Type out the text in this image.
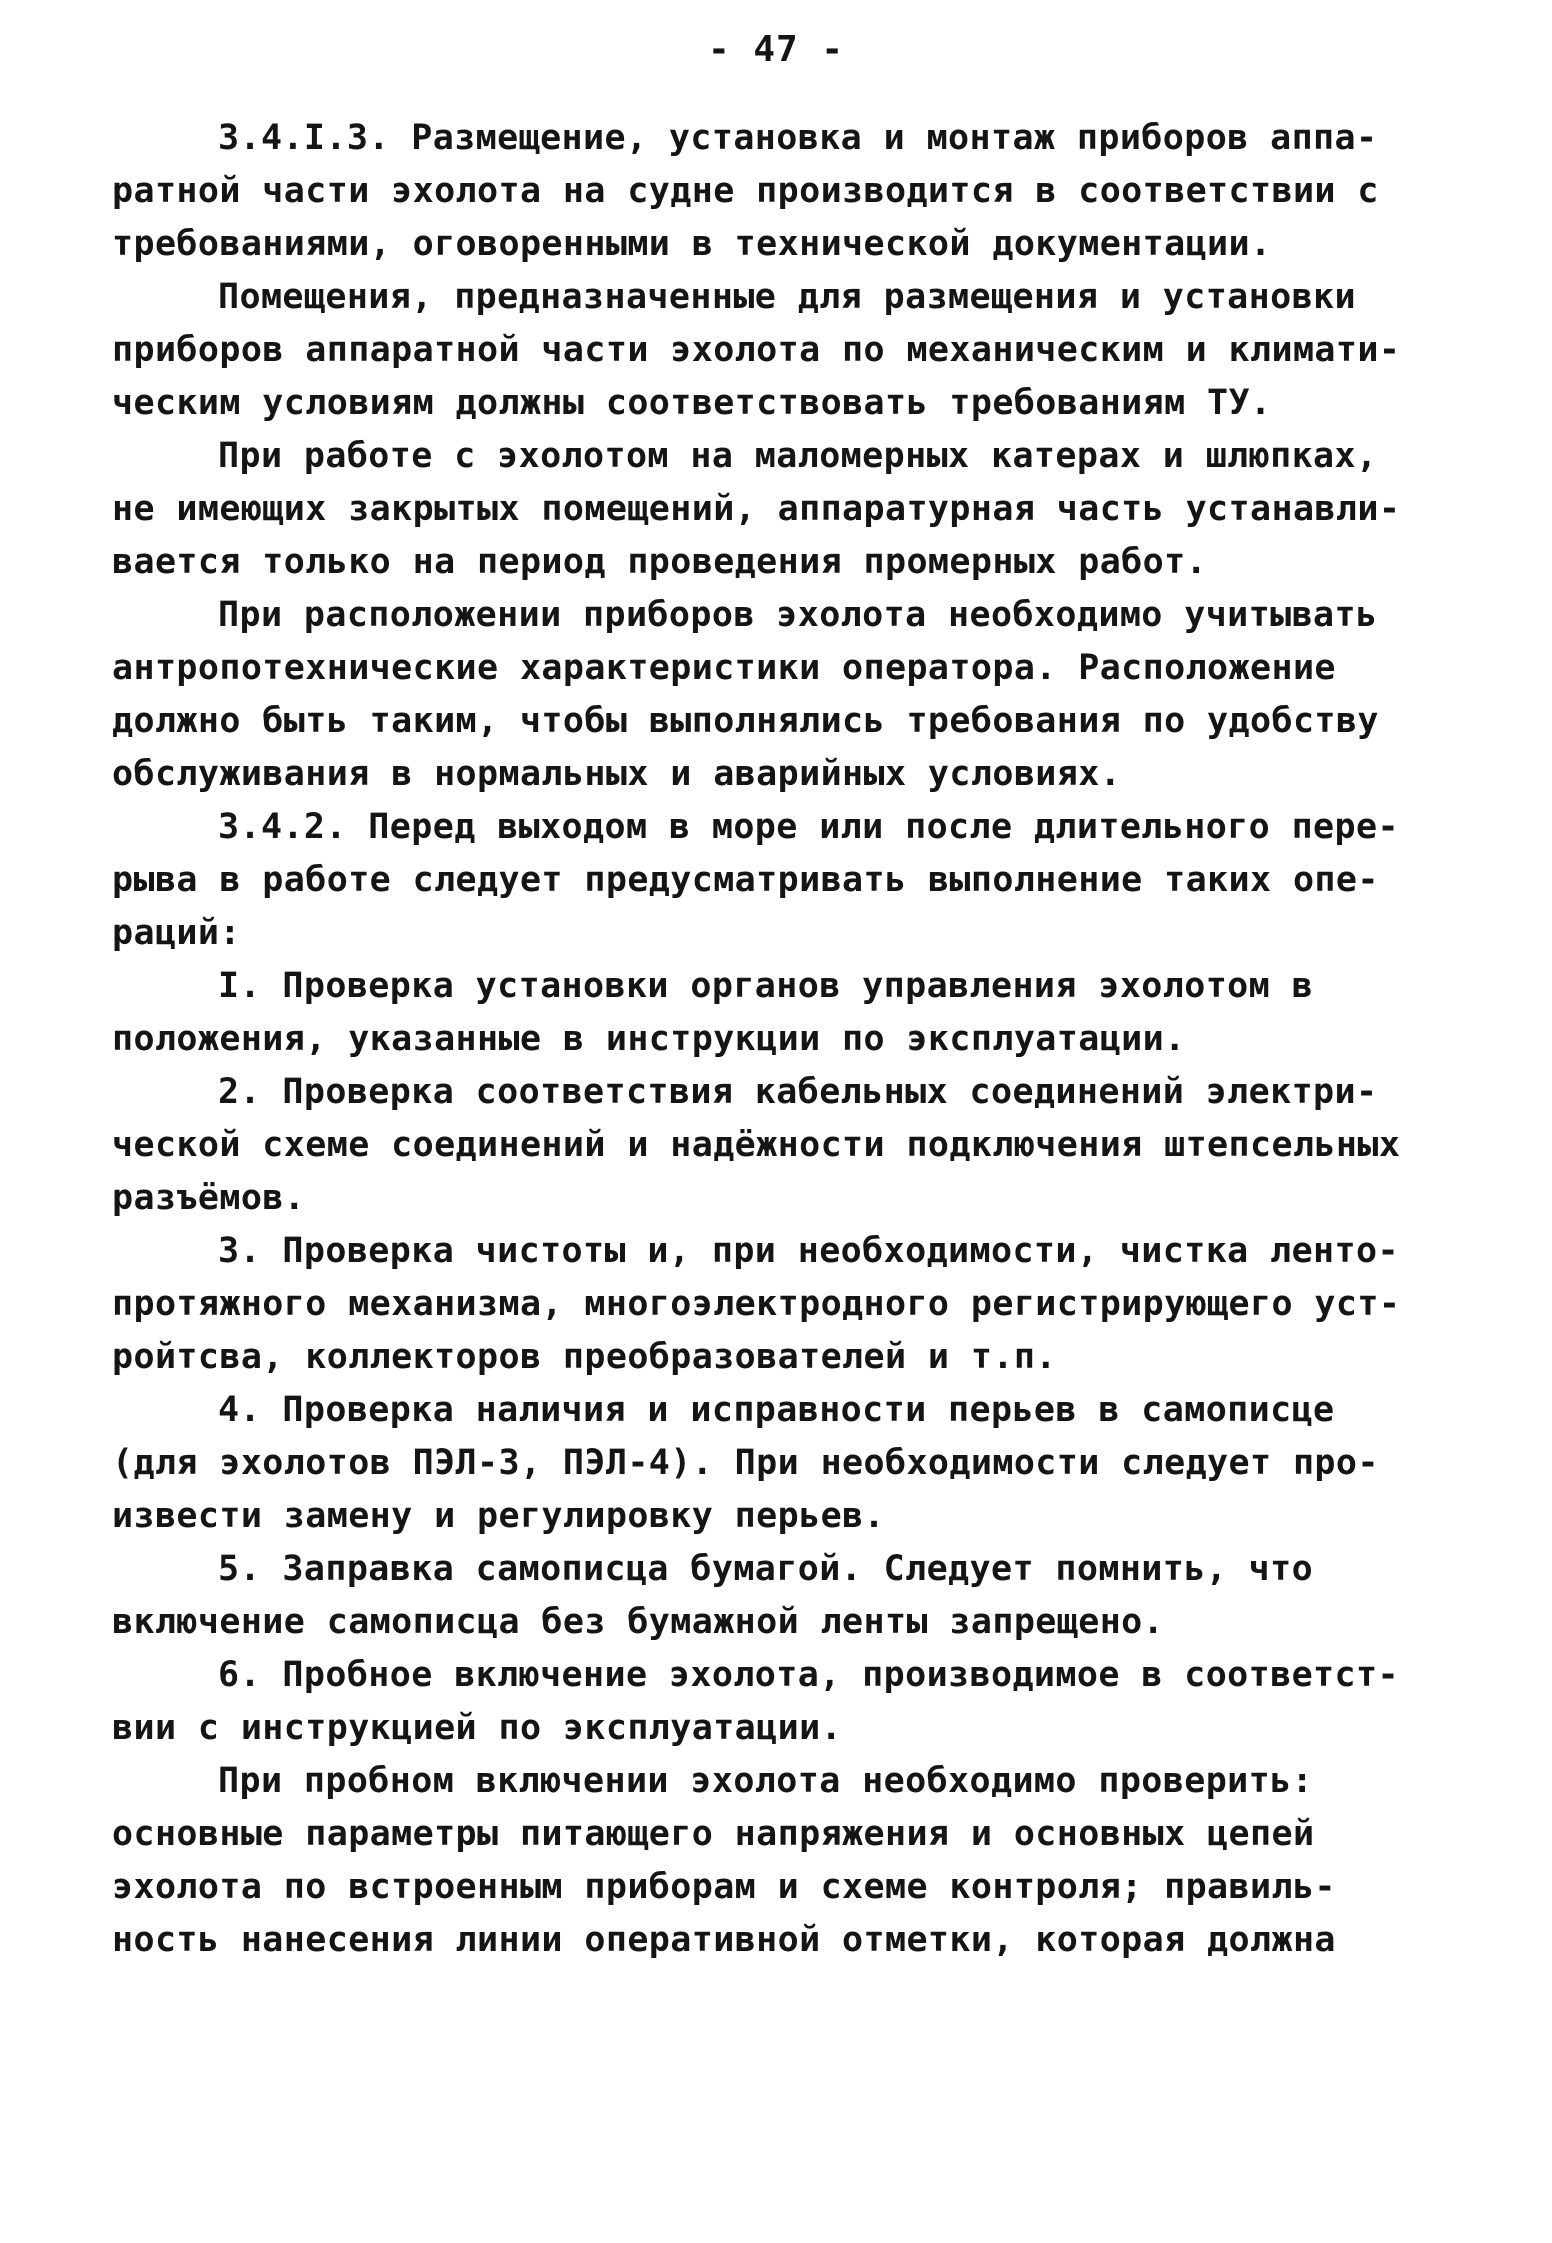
- 47 -
3.4.I.3. Размещение, установка и монтаж приборов аппа-
ратной части эхолота на судне производится в соответствии с
требованиями, оговоренными в технической документации.
Помещения, предназначенные для размещения и установки
приборов аппаратной части эхолота по механическим и климати-
ческим условиям должны соответствовать требованиям ТУ.
При работе с эхолотом на маломерных катерах и шлюпках,
не имеющих закрытых помещений, аппаратурная часть устанавли-
вается только на период проведения промерных работ.
При расположении приборов эхолота необходимо учитывать
антропотехнические характеристики оператора. Расположение
должно быть таким, чтобы выполнялись требования по удобству
обслуживания в нормальных и аварийных условиях.
3.4.2. Перед выходом в море или после длительного пере-
рыва в работе следует предусматривать выполнение таких опе-
раций:
I. Проверка установки органов управления эхолотом в
положения, указанные в инструкции по эксплуатации.
2. Проверка соответствия кабельных соединений электри-
ческой схеме соединений и надёжности подключения штепсельных
разъёмов.
3. Проверка чистоты и, при необходимости, чистка ленто-
протяжного механизма, многоэлектродного регистрирующего уст-
ройтсва, коллекторов преобразователей и т.п.
4. Проверка наличия и исправности перьев в самописце
(для эхолотов ПЭЛ-3, ПЭЛ-4). При необходимости следует про-
извести замену и регулировку перьев.
5. Заправка самописца бумагой. Следует помнить, что
включение самописца без бумажной ленты запрещено.
6. Пробное включение эхолота, производимое в соответст-
вии с инструкцией по эксплуатации.
При пробном включении эхолота необходимо проверить:
основные параметры питающего напряжения и основных цепей
эхолота по встроенным приборам и схеме контроля; правиль-
ность нанесения линии оперативной отметки, которая должна
